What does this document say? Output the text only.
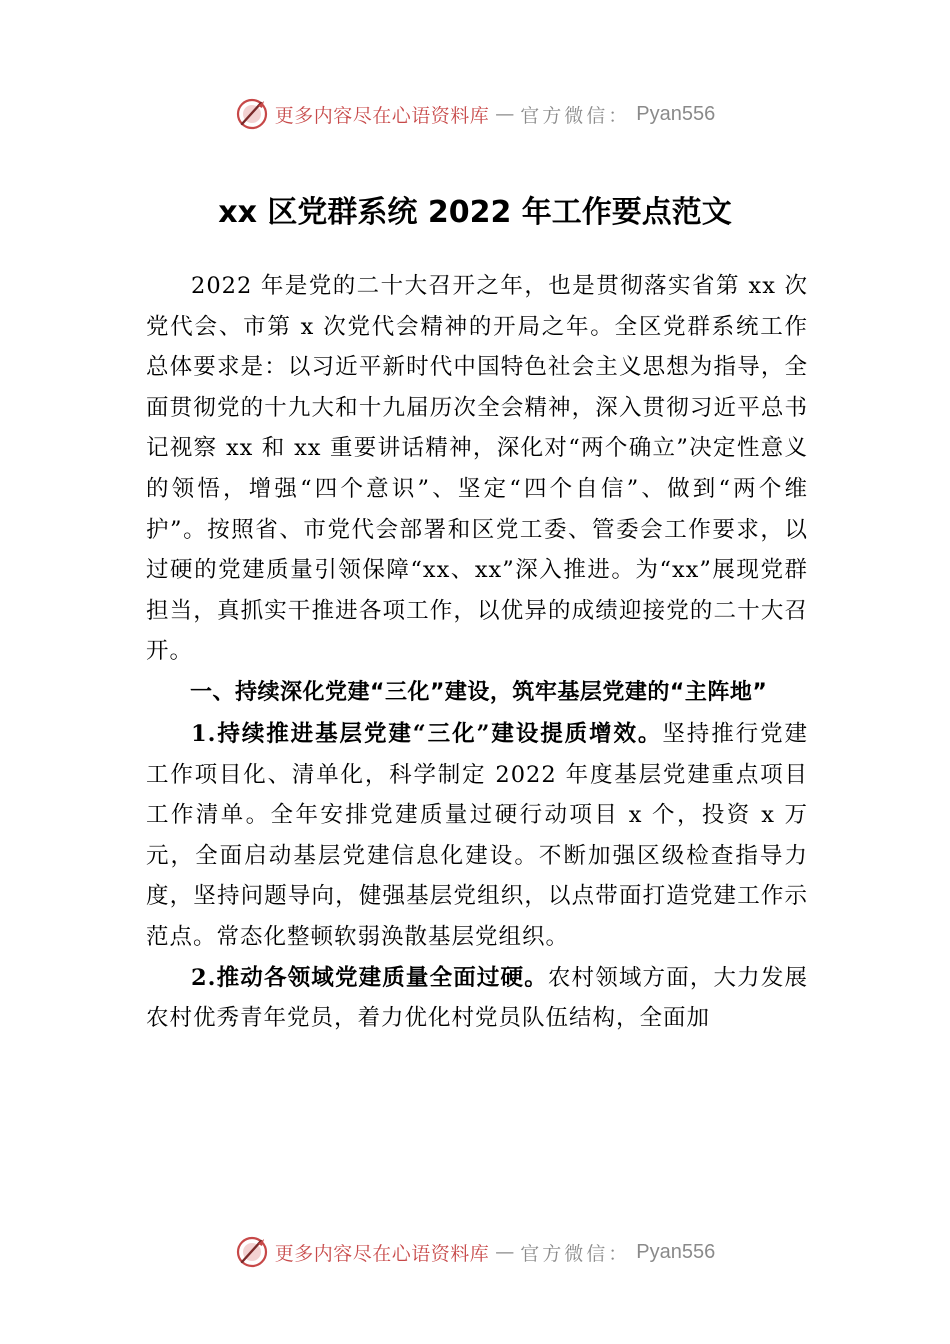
更多内容尽在心语资料库 — 官方微信： Pyan556
xx 区党群系统 2022 年工作要点范文

2022 年是党的二十大召开之年，也是贯彻落实省第 xx 次党代会、市第 x 次党代会精神的开局之年。全区党群系统工作总体要求是：以习近平新时代中国特色社会主义思想为指导，全面贯彻党的十九大和十九届历次全会精神，深入贯彻习近平总书记视察 xx 和 xx 重要讲话精神，深化对“两个确立”决定性意义的领悟，增强“四个意识”、坚定“四个自信”、做到“两个维护”。按照省、市党代会部署和区党工委、管委会工作要求，以过硬的党建质量引领保障“xx、xx”深入推进。为“xx”展现党群担当，真抓实干推进各项工作，以优异的成绩迎接党的二十大召开。

一、持续深化党建“三化”建设，筑牢基层党建的“主阵地”

1.持续推进基层党建“三化”建设提质增效。坚持推行党建工作项目化、清单化，科学制定 2022 年度基层党建重点项目工作清单。全年安排党建质量过硬行动项目 x 个，投资 x 万元，全面启动基层党建信息化建设。不断加强区级检查指导力度，坚持问题导向，健强基层党组织，以点带面打造党建工作示范点。常态化整顿软弱涣散基层党组织。

2.推动各领域党建质量全面过硬。农村领域方面，大力发展农村优秀青年党员，着力优化村党员队伍结构，全面加

更多内容尽在心语资料库 — 官方微信： Pyan556
